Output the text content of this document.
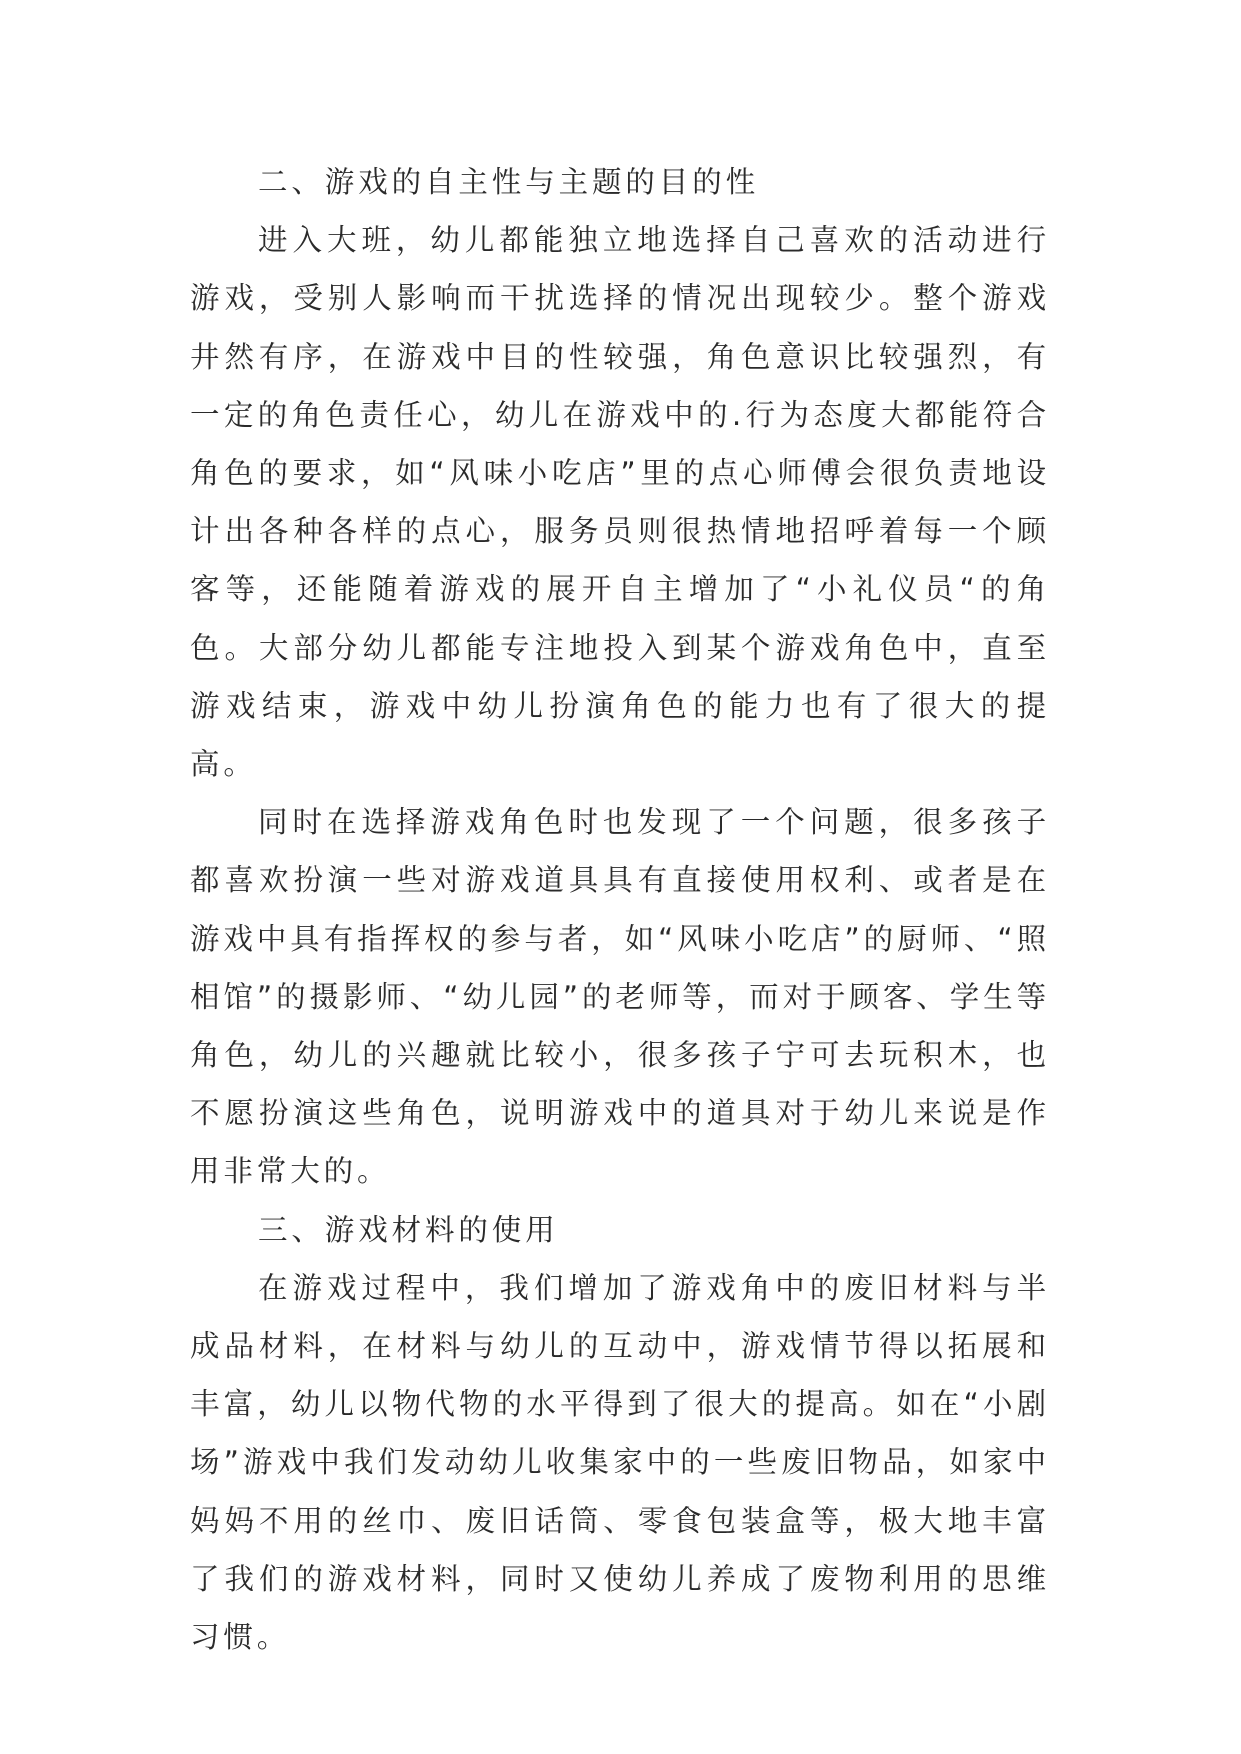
二、游戏的自主性与主题的目的性

进入大班，幼儿都能独立地选择自己喜欢的活动进行游戏，受别人影响而干扰选择的情况出现较少。整个游戏井然有序，在游戏中目的性较强，角色意识比较强烈，有一定的角色责任心，幼儿在游戏中的.行为态度大都能符合角色的要求，如“风味小吃店”里的点心师傅会很负责地设计出各种各样的点心，服务员则很热情地招呼着每一个顾客等，还能随着游戏的展开自主增加了“小礼仪员“的角色。大部分幼儿都能专注地投入到某个游戏角色中，直至游戏结束，游戏中幼儿扮演角色的能力也有了很大的提高。

同时在选择游戏角色时也发现了一个问题，很多孩子都喜欢扮演一些对游戏道具具有直接使用权利、或者是在游戏中具有指挥权的参与者，如“风味小吃店”的厨师、“照相馆”的摄影师、“幼儿园”的老师等，而对于顾客、学生等角色，幼儿的兴趣就比较小，很多孩子宁可去玩积木，也不愿扮演这些角色，说明游戏中的道具对于幼儿来说是作用非常大的。

三、游戏材料的使用

在游戏过程中，我们增加了游戏角中的废旧材料与半成品材料，在材料与幼儿的互动中，游戏情节得以拓展和丰富，幼儿以物代物的水平得到了很大的提高。如在“小剧场”游戏中我们发动幼儿收集家中的一些废旧物品，如家中妈妈不用的丝巾、废旧话筒、零食包装盒等，极大地丰富了我们的游戏材料，同时又使幼儿养成了废物利用的思维习惯。
